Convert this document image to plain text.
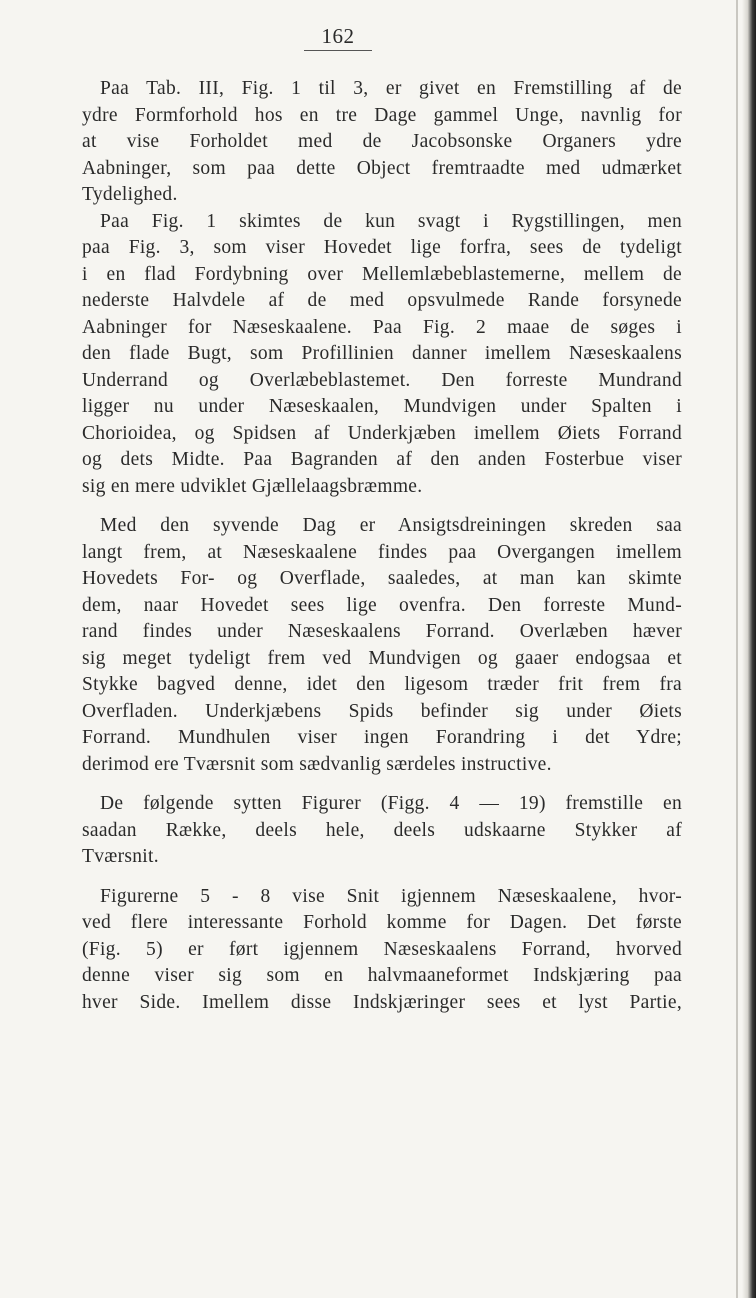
162
Paa Tab. III, Fig. 1 til 3, er givet en Fremstilling af de
ydre Formforhold hos en tre Dage gammel Unge, navnlig for
at vise Forholdet med de Jacobsonske Organers ydre
Aabninger, som paa dette Object fremtraadte med udmærket
Tydelighed.
Paa Fig. 1 skimtes de kun svagt i Rygstillingen, men
paa Fig. 3, som viser Hovedet lige forfra, sees de tydeligt
i en flad Fordybning over Mellemlæbeblastemerne, mellem de
nederste Halvdele af de med opsvulmede Rande forsynede
Aabninger for Næseskaalene. Paa Fig. 2 maae de søges i
den flade Bugt, som Profillinien danner imellem Næseskaalens
Underrand og Overlæbeblastemet. Den forreste Mundrand
ligger nu under Næseskaalen, Mundvigen under Spalten i
Chorioidea, og Spidsen af Underkjæben imellem Øiets Forrand
og dets Midte. Paa Bagranden af den anden Fosterbue viser
sig en mere udviklet Gjællelaagsbræmme.
Med den syvende Dag er Ansigtsdreiningen skreden saa
langt frem, at Næseskaalene findes paa Overgangen imellem
Hovedets For- og Overflade, saaledes, at man kan skimte
dem, naar Hovedet sees lige ovenfra. Den forreste Mund-
rand findes under Næseskaalens Forrand. Overlæben hæver
sig meget tydeligt frem ved Mundvigen og gaaer endogsaa et
Stykke bagved denne, idet den ligesom træder frit frem fra
Overfladen. Underkjæbens Spids befinder sig under Øiets
Forrand. Mundhulen viser ingen Forandring i det Ydre;
derimod ere Tværsnit som sædvanlig særdeles instructive.
De følgende sytten Figurer (Figg. 4 — 19) fremstille en
saadan Række, deels hele, deels udskaarne Stykker af
Tværsnit.
Figurerne 5 - 8 vise Snit igjennem Næseskaalene, hvor-
ved flere interessante Forhold komme for Dagen. Det første
(Fig. 5) er ført igjennem Næseskaalens Forrand, hvorved
denne viser sig som en halvmaaneformet Indskjæring paa
hver Side. Imellem disse Indskjæringer sees et lyst Partie,
